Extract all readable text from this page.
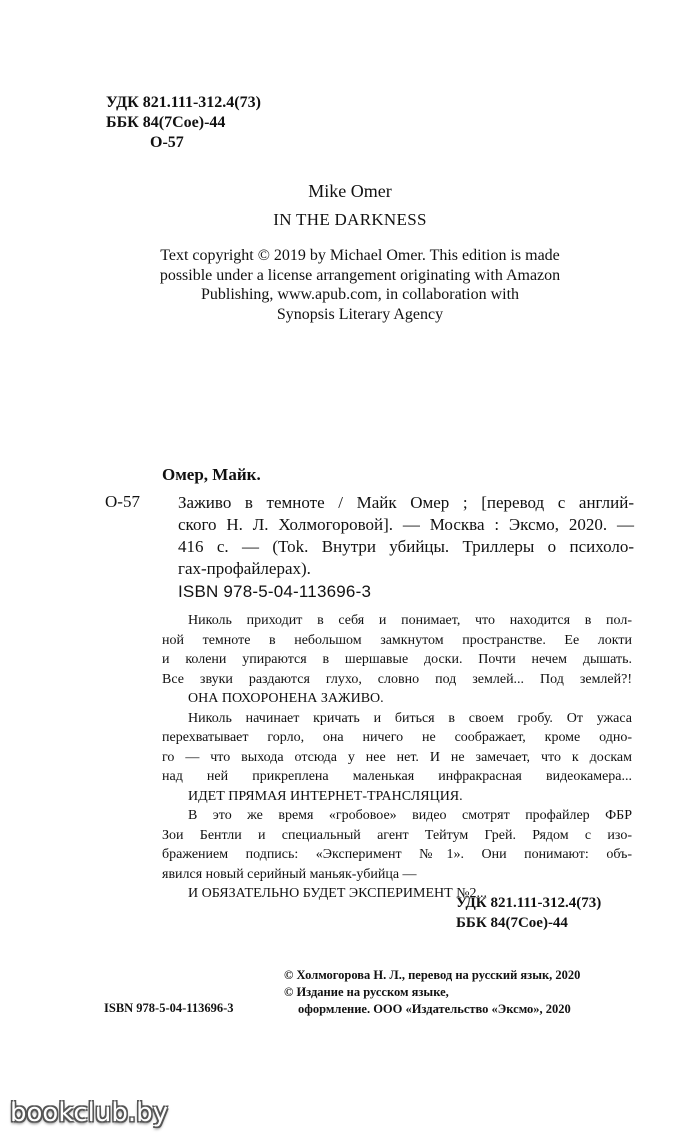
УДК 821.111-312.4(73)
ББК 84(7Сое)-44
О-57
Mike Omer
IN THE DARKNESS
Text copyright © 2019 by Michael Omer. This edition is made
possible under a license arrangement originating with Amazon
Publishing, www.apub.com, in collaboration with
Synopsis Literary Agency
Омер, Майк.
О-57 Заживо в темноте / Майк Омер ; [перевод с англий-
ского Н. Л. Холмогоровой]. — Москва : Эксмо, 2020. —
416 с. — (Tok. Внутри убийцы. Триллеры о психоло-
гах-профайлерах).
ISBN 978-5-04-113696-3
Николь приходит в себя и понимает, что находится в пол-
ной темноте в небольшом замкнутом пространстве. Ее локти
и колени упираются в шершавые доски. Почти нечем дышать.
Все звуки раздаются глухо, словно под землей... Под землей?!
ОНА ПОХОРОНЕНА ЗАЖИВО.
Николь начинает кричать и биться в своем гробу. От ужаса
перехватывает горло, она ничего не соображает, кроме одно-
го — что выхода отсюда у нее нет. И не замечает, что к доскам
над ней прикреплена маленькая инфракрасная видеокамера...
ИДЕТ ПРЯМАЯ ИНТЕРНЕТ-ТРАНСЛЯЦИЯ.
В это же время «гробовое» видео смотрят профайлер ФБР
Зои Бентли и специальный агент Тейтум Грей. Рядом с изо-
бражением подпись: «Эксперимент №1». Они понимают: объ-
явился новый серийный маньяк-убийца —
И ОБЯЗАТЕЛЬНО БУДЕТ ЭКСПЕРИМЕНТ №2...
УДК 821.111-312.4(73)
ББК 84(7Сое)-44
© Холмогорова Н. Л., перевод на русский язык, 2020
© Издание на русском языке,
оформление. ООО «Издательство «Эксмо», 2020
ISBN 978-5-04-113696-3
bookclub.by
